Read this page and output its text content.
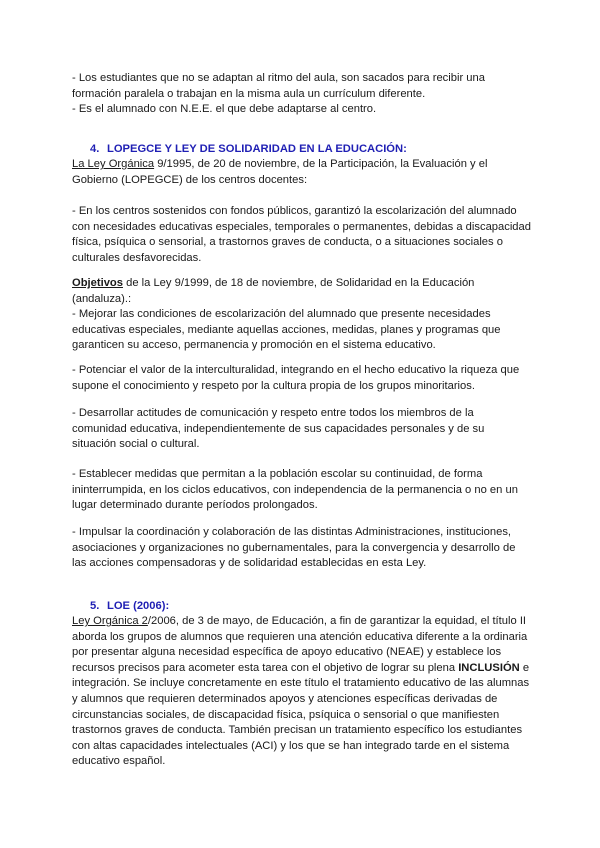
- Los estudiantes que no se adaptan al ritmo del aula, son sacados para recibir una
formación paralela o trabajan en la misma aula un currículum diferente.
- Es el alumnado con N.E.E. el que debe adaptarse al centro.
4. LOPEGCE Y LEY DE SOLIDARIDAD EN LA EDUCACIÓN:
La Ley Orgánica 9/1995, de 20 de noviembre, de la Participación, la Evaluación y el
Gobierno (LOPEGCE) de los centros docentes:
- En los centros sostenidos con fondos públicos, garantizó la escolarización del alumnado
con necesidades educativas especiales, temporales o permanentes, debidas a discapacidad
física, psíquica o sensorial, a trastornos graves de conducta, o a situaciones sociales o
culturales desfavorecidas.
Objetivos de la Ley 9/1999, de 18 de noviembre, de Solidaridad en la Educación
(andaluza).:
- Mejorar las condiciones de escolarización del alumnado que presente necesidades
educativas especiales, mediante aquellas acciones, medidas, planes y programas que
garanticen su acceso, permanencia y promoción en el sistema educativo.
- Potenciar el valor de la interculturalidad, integrando en el hecho educativo la riqueza que
supone el conocimiento y respeto por la cultura propia de los grupos minoritarios.
- Desarrollar actitudes de comunicación y respeto entre todos los miembros de la
comunidad educativa, independientemente de sus capacidades personales y de su
situación social o cultural.
- Establecer medidas que permitan a la población escolar su continuidad, de forma
ininterrumpida, en los ciclos educativos, con independencia de la permanencia o no en un
lugar determinado durante períodos prolongados.
- Impulsar la coordinación y colaboración de las distintas Administraciones, instituciones,
asociaciones y organizaciones no gubernamentales, para la convergencia y desarrollo de
las acciones compensadoras y de solidaridad establecidas en esta Ley.
5. LOE (2006):
Ley Orgánica 2/2006, de 3 de mayo, de Educación, a fin de garantizar la equidad, el título II
aborda los grupos de alumnos que requieren una atención educativa diferente a la ordinaria
por presentar alguna necesidad específica de apoyo educativo (NEAE) y establece los
recursos precisos para acometer esta tarea con el objetivo de lograr su plena INCLUSIÓN e
integración. Se incluye concretamente en este título el tratamiento educativo de las alumnas
y alumnos que requieren determinados apoyos y atenciones específicas derivadas de
circunstancias sociales, de discapacidad física, psíquica o sensorial o que manifiesten
trastornos graves de conducta. También precisan un tratamiento específico los estudiantes
con altas capacidades intelectuales (ACI) y los que se han integrado tarde en el sistema
educativo español.
